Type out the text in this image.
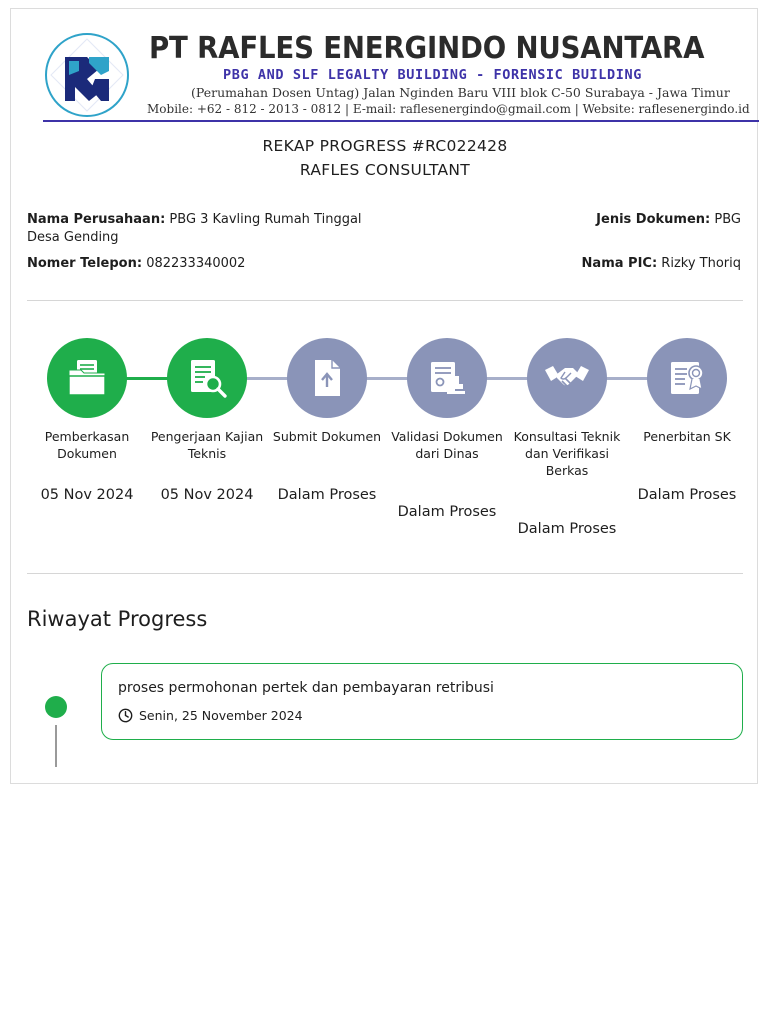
PT RAFLES ENERGINDO NUSANTARA
PBG AND SLF LEGALTY BUILDING - FORENSIC BUILDING
(Perumahan Dosen Untag) Jalan Nginden Baru VIII blok C-50 Surabaya - Jawa Timur
Mobile: +62 - 812 - 2013 - 0812 | E-mail: raflesenergindo@gmail.com | Website: raflesenergindo.id
REKAP PROGRESS #RC022428
RAFLES CONSULTANT
Nama Perusahaan: PBG 3 Kavling Rumah Tinggal Desa Gending
Nomer Telepon: 082233340002
Jenis Dokumen: PBG
Nama PIC: Rizky Thoriq
Pemberkasan Dokumen
05 Nov 2024
Pengerjaan Kajian Teknis
05 Nov 2024
Submit Dokumen
Dalam Proses
Validasi Dokumen dari Dinas
Dalam Proses
Konsultasi Teknik dan Verifikasi Berkas
Dalam Proses
Penerbitan SK
Dalam Proses
Riwayat Progress
proses permohonan pertek dan pembayaran retribusi
Senin, 25 November 2024
